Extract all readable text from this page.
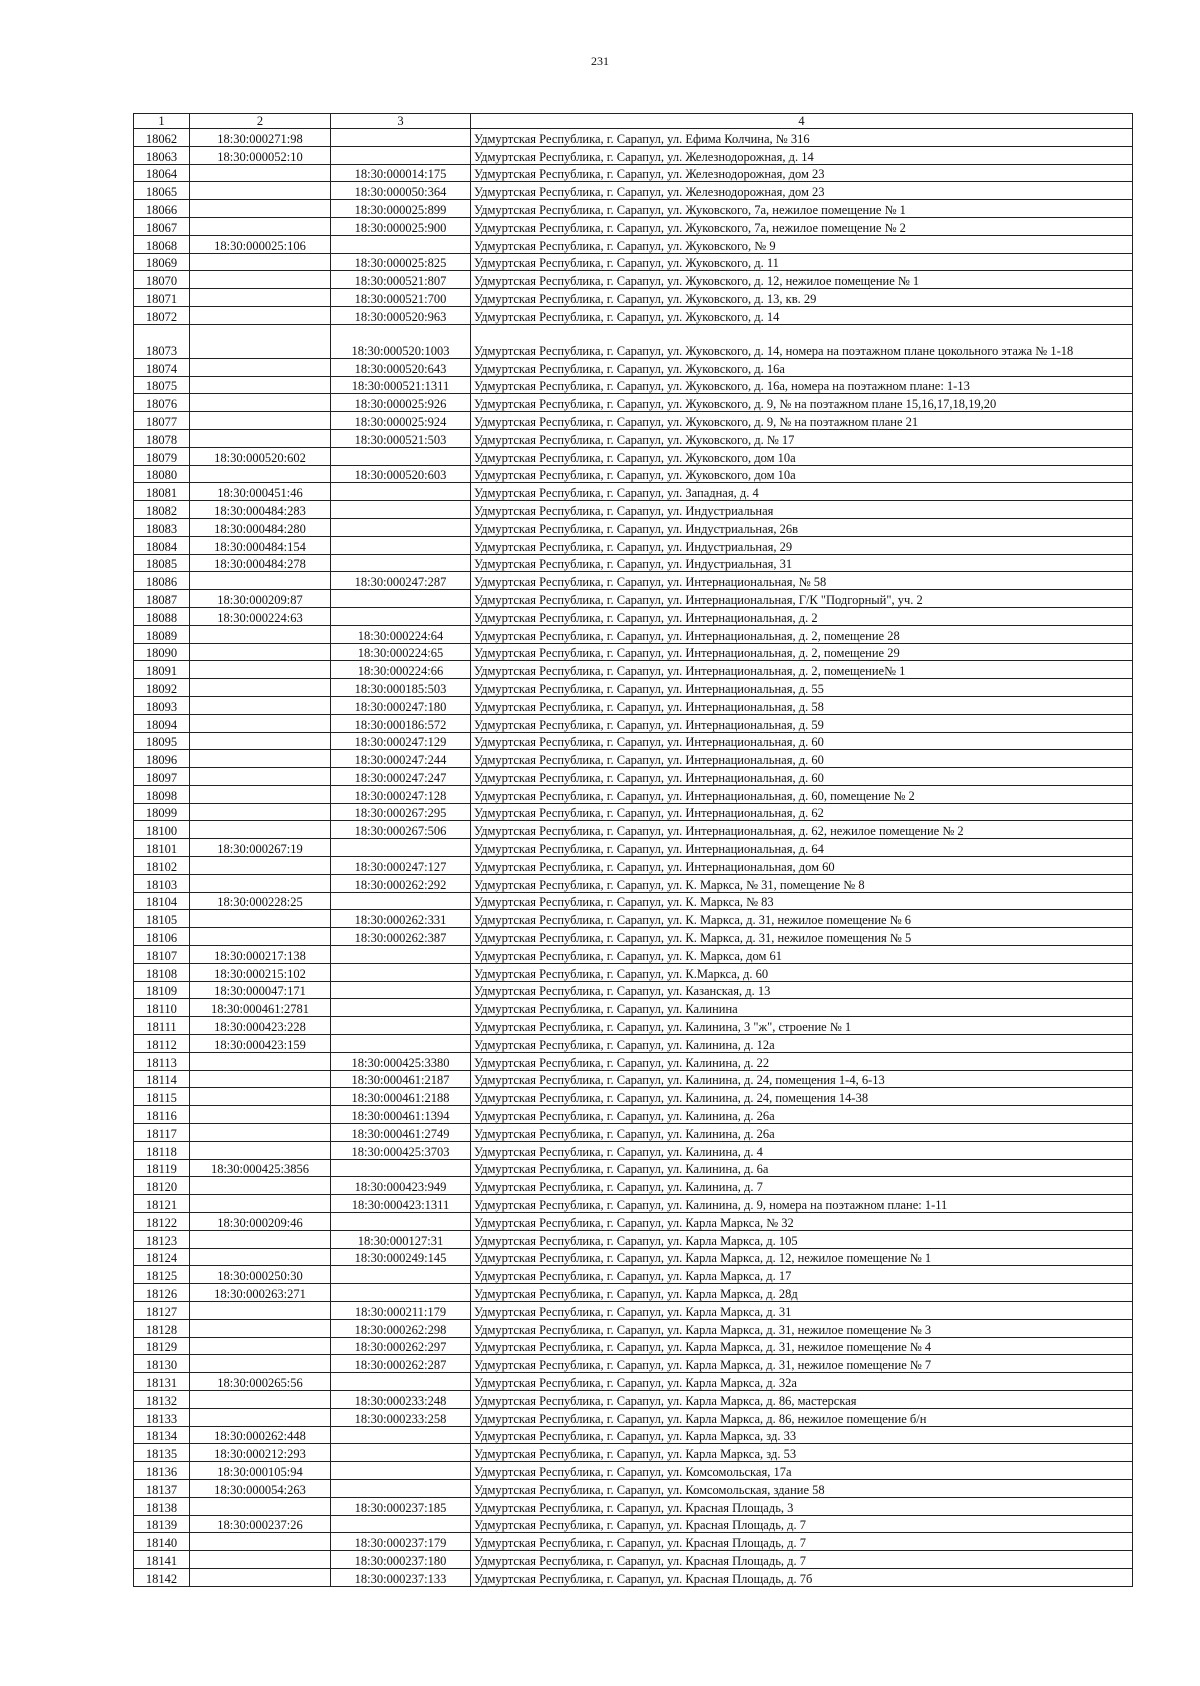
231
1	2	3	4
18062	18:30:000271:98		Удмуртская Республика, г. Сарапул, ул. Ефима Колчина, № 316
18063	18:30:000052:10		Удмуртская Республика, г. Сарапул, ул. Железнодорожная, д. 14
18064		18:30:000014:175	Удмуртская Республика, г. Сарапул, ул. Железнодорожная, дом 23
18065		18:30:000050:364	Удмуртская Республика, г. Сарапул, ул. Железнодорожная, дом 23
18066		18:30:000025:899	Удмуртская Республика, г. Сарапул, ул. Жуковского, 7а, нежилое помещение № 1
18067		18:30:000025:900	Удмуртская Республика, г. Сарапул, ул. Жуковского, 7а, нежилое помещение № 2
18068	18:30:000025:106		Удмуртская Республика, г. Сарапул, ул. Жуковского, № 9
18069		18:30:000025:825	Удмуртская Республика, г. Сарапул, ул. Жуковского, д. 11
18070		18:30:000521:807	Удмуртская Республика, г. Сарапул, ул. Жуковского, д. 12, нежилое помещение № 1
18071		18:30:000521:700	Удмуртская Республика, г. Сарапул, ул. Жуковского, д. 13, кв. 29
18072		18:30:000520:963	Удмуртская Республика, г. Сарапул, ул. Жуковского, д. 14
18073		18:30:000520:1003	Удмуртская Республика, г. Сарапул, ул. Жуковского, д. 14, номера на поэтажном плане цокольного этажа № 1-18
18074		18:30:000520:643	Удмуртская Республика, г. Сарапул, ул. Жуковского, д. 16а
18075		18:30:000521:1311	Удмуртская Республика, г. Сарапул, ул. Жуковского, д. 16а, номера на поэтажном плане: 1-13
18076		18:30:000025:926	Удмуртская Республика, г. Сарапул, ул. Жуковского, д. 9, № на поэтажном плане 15,16,17,18,19,20
18077		18:30:000025:924	Удмуртская Республика, г. Сарапул, ул. Жуковского, д. 9, № на поэтажном плане 21
18078		18:30:000521:503	Удмуртская Республика, г. Сарапул, ул. Жуковского, д. № 17
18079	18:30:000520:602		Удмуртская Республика, г. Сарапул, ул. Жуковского, дом 10а
18080		18:30:000520:603	Удмуртская Республика, г. Сарапул, ул. Жуковского, дом 10а
18081	18:30:000451:46		Удмуртская Республика, г. Сарапул, ул. Западная, д. 4
18082	18:30:000484:283		Удмуртская Республика, г. Сарапул, ул. Индустриальная
18083	18:30:000484:280		Удмуртская Республика, г. Сарапул, ул. Индустриальная, 26в
18084	18:30:000484:154		Удмуртская Республика, г. Сарапул, ул. Индустриальная, 29
18085	18:30:000484:278		Удмуртская Республика, г. Сарапул, ул. Индустриальная, 31
18086		18:30:000247:287	Удмуртская Республика, г. Сарапул, ул. Интернациональная, № 58
18087	18:30:000209:87		Удмуртская Республика, г. Сарапул, ул. Интернациональная, Г/К "Подгорный", уч. 2
18088	18:30:000224:63		Удмуртская Республика, г. Сарапул, ул. Интернациональная, д. 2
18089		18:30:000224:64	Удмуртская Республика, г. Сарапул, ул. Интернациональная, д. 2, помещение 28
18090		18:30:000224:65	Удмуртская Республика, г. Сарапул, ул. Интернациональная, д. 2, помещение 29
18091		18:30:000224:66	Удмуртская Республика, г. Сарапул, ул. Интернациональная, д. 2, помещение№ 1
18092		18:30:000185:503	Удмуртская Республика, г. Сарапул, ул. Интернациональная, д. 55
18093		18:30:000247:180	Удмуртская Республика, г. Сарапул, ул. Интернациональная, д. 58
18094		18:30:000186:572	Удмуртская Республика, г. Сарапул, ул. Интернациональная, д. 59
18095		18:30:000247:129	Удмуртская Республика, г. Сарапул, ул. Интернациональная, д. 60
18096		18:30:000247:244	Удмуртская Республика, г. Сарапул, ул. Интернациональная, д. 60
18097		18:30:000247:247	Удмуртская Республика, г. Сарапул, ул. Интернациональная, д. 60
18098		18:30:000247:128	Удмуртская Республика, г. Сарапул, ул. Интернациональная, д. 60, помещение № 2
18099		18:30:000267:295	Удмуртская Республика, г. Сарапул, ул. Интернациональная, д. 62
18100		18:30:000267:506	Удмуртская Республика, г. Сарапул, ул. Интернациональная, д. 62, нежилое помещение № 2
18101	18:30:000267:19		Удмуртская Республика, г. Сарапул, ул. Интернациональная, д. 64
18102		18:30:000247:127	Удмуртская Республика, г. Сарапул, ул. Интернациональная, дом 60
18103		18:30:000262:292	Удмуртская Республика, г. Сарапул, ул. К. Маркса, № 31, помещение № 8
18104	18:30:000228:25		Удмуртская Республика, г. Сарапул, ул. К. Маркса, № 83
18105		18:30:000262:331	Удмуртская Республика, г. Сарапул, ул. К. Маркса, д. 31, нежилое помещение № 6
18106		18:30:000262:387	Удмуртская Республика, г. Сарапул, ул. К. Маркса, д. 31, нежилое помещения № 5
18107	18:30:000217:138		Удмуртская Республика, г. Сарапул, ул. К. Маркса, дом 61
18108	18:30:000215:102		Удмуртская Республика, г. Сарапул, ул. К.Маркса, д. 60
18109	18:30:000047:171		Удмуртская Республика, г. Сарапул, ул. Казанская, д. 13
18110	18:30:000461:2781		Удмуртская Республика, г. Сарапул, ул. Калинина
18111	18:30:000423:228		Удмуртская Республика, г. Сарапул, ул. Калинина, 3 "ж", строение № 1
18112	18:30:000423:159		Удмуртская Республика, г. Сарапул, ул. Калинина, д. 12а
18113		18:30:000425:3380	Удмуртская Республика, г. Сарапул, ул. Калинина, д. 22
18114		18:30:000461:2187	Удмуртская Республика, г. Сарапул, ул. Калинина, д. 24, помещения 1-4, 6-13
18115		18:30:000461:2188	Удмуртская Республика, г. Сарапул, ул. Калинина, д. 24, помещения 14-38
18116		18:30:000461:1394	Удмуртская Республика, г. Сарапул, ул. Калинина, д. 26а
18117		18:30:000461:2749	Удмуртская Республика, г. Сарапул, ул. Калинина, д. 26а
18118		18:30:000425:3703	Удмуртская Республика, г. Сарапул, ул. Калинина, д. 4
18119	18:30:000425:3856		Удмуртская Республика, г. Сарапул, ул. Калинина, д. 6а
18120		18:30:000423:949	Удмуртская Республика, г. Сарапул, ул. Калинина, д. 7
18121		18:30:000423:1311	Удмуртская Республика, г. Сарапул, ул. Калинина, д. 9, номера на поэтажном плане: 1-11
18122	18:30:000209:46		Удмуртская Республика, г. Сарапул, ул. Карла Маркса, № 32
18123		18:30:000127:31	Удмуртская Республика, г. Сарапул, ул. Карла Маркса, д. 105
18124		18:30:000249:145	Удмуртская Республика, г. Сарапул, ул. Карла Маркса, д. 12, нежилое помещение № 1
18125	18:30:000250:30		Удмуртская Республика, г. Сарапул, ул. Карла Маркса, д. 17
18126	18:30:000263:271		Удмуртская Республика, г. Сарапул, ул. Карла Маркса, д. 28д
18127		18:30:000211:179	Удмуртская Республика, г. Сарапул, ул. Карла Маркса, д. 31
18128		18:30:000262:298	Удмуртская Республика, г. Сарапул, ул. Карла Маркса, д. 31, нежилое помещение № 3
18129		18:30:000262:297	Удмуртская Республика, г. Сарапул, ул. Карла Маркса, д. 31, нежилое помещение № 4
18130		18:30:000262:287	Удмуртская Республика, г. Сарапул, ул. Карла Маркса, д. 31, нежилое помещение № 7
18131	18:30:000265:56		Удмуртская Республика, г. Сарапул, ул. Карла Маркса, д. 32а
18132		18:30:000233:248	Удмуртская Республика, г. Сарапул, ул. Карла Маркса, д. 86, мастерская
18133		18:30:000233:258	Удмуртская Республика, г. Сарапул, ул. Карла Маркса, д. 86, нежилое помещение б/н
18134	18:30:000262:448		Удмуртская Республика, г. Сарапул, ул. Карла Маркса, зд. 33
18135	18:30:000212:293		Удмуртская Республика, г. Сарапул, ул. Карла Маркса, зд. 53
18136	18:30:000105:94		Удмуртская Республика, г. Сарапул, ул. Комсомольская, 17а
18137	18:30:000054:263		Удмуртская Республика, г. Сарапул, ул. Комсомольская, здание 58
18138		18:30:000237:185	Удмуртская Республика, г. Сарапул, ул. Красная Площадь, 3
18139	18:30:000237:26		Удмуртская Республика, г. Сарапул, ул. Красная Площадь, д. 7
18140		18:30:000237:179	Удмуртская Республика, г. Сарапул, ул. Красная Площадь, д. 7
18141		18:30:000237:180	Удмуртская Республика, г. Сарапул, ул. Красная Площадь, д. 7
18142		18:30:000237:133	Удмуртская Республика, г. Сарапул, ул. Красная Площадь, д. 7б
